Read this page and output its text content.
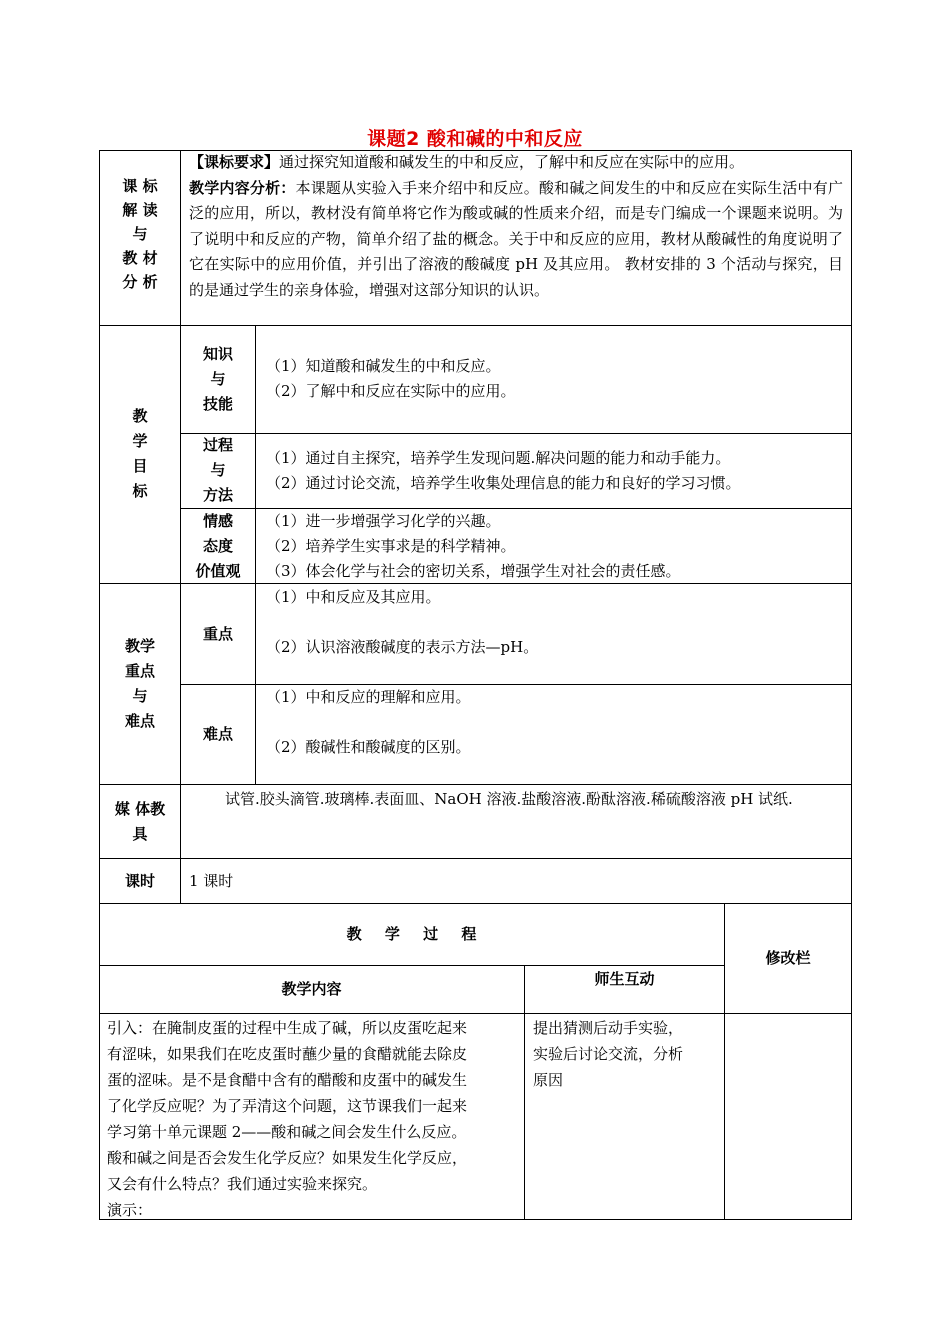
课题2 酸和碱的中和反应
课 标
解 读
与
教 材
分 析
【课标要求】通过探究知道酸和碱发生的中和反应，了解中和反应在实际中的应用。
教学内容分析：本课题从实验入手来介绍中和反应。酸和碱之间发生的中和反应在实际生活中有广泛的应用，所以，教材没有简单将它作为酸或碱的性质来介绍，而是专门编成一个课题来说明。为了说明中和反应的产物，简单介绍了盐的概念。关于中和反应的应用，教材从酸碱性的角度说明了它在实际中的应用价值，并引出了溶液的酸碱度 pH 及其应用。 教材安排的 3 个活动与探究，目的是通过学生的亲身体验，增强对这部分知识的认识。
教
学
目
标
知识
与
技能
（1）知道酸和碱发生的中和反应。
（2）了解中和反应在实际中的应用。
过程
与
方法
（1）通过自主探究，培养学生发现问题.解决问题的能力和动手能力。
（2）通过讨论交流，培养学生收集处理信息的能力和良好的学习习惯。
情感
态度
价值观
（1）进一步增强学习化学的兴趣。
（2）培养学生实事求是的科学精神。
（3）体会化学与社会的密切关系，增强学生对社会的责任感。
教学
重点
与
难点
重点
（1）中和反应及其应用。
（2）认识溶液酸碱度的表示方法—pH。
难点
（1）中和反应的理解和应用。
（2）酸碱性和酸碱度的区别。
媒 体教
具
试管.胶头滴管.玻璃棒.表面皿、NaOH 溶液.盐酸溶液.酚酞溶液.稀硫酸溶液 pH 试纸.
课时	1 课时
教 学 过 程
修改栏
教学内容
师生互动
引入：在腌制皮蛋的过程中生成了碱，所以皮蛋吃起来
有涩味，如果我们在吃皮蛋时蘸少量的食醋就能去除皮
蛋的涩味。是不是食醋中含有的醋酸和皮蛋中的碱发生
了化学反应呢？为了弄清这个问题，这节课我们一起来
学习第十单元课题 2——酸和碱之间会发生什么反应。
酸和碱之间是否会发生化学反应？如果发生化学反应，
又会有什么特点？我们通过实验来探究。
演示：
提出猜测后动手实验，
实验后讨论交流，分析
原因
